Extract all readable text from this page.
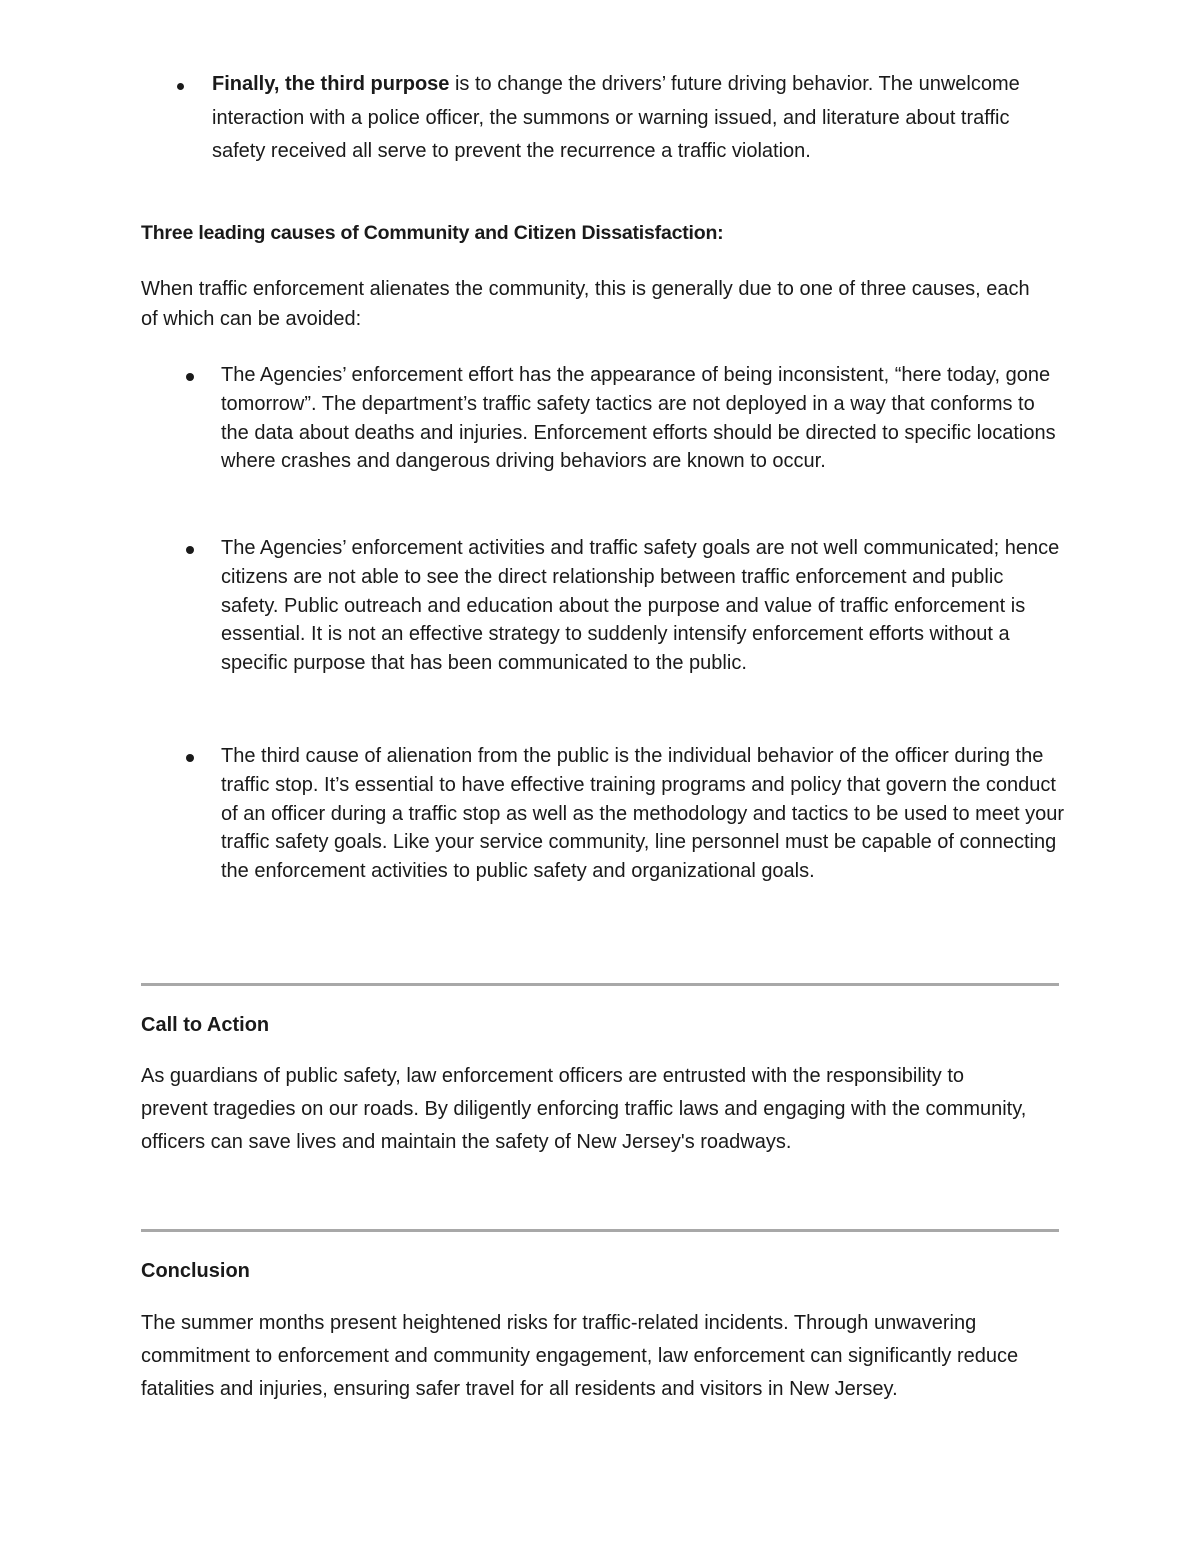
Finally, the third purpose is to change the drivers’ future driving behavior. The unwelcome interaction with a police officer, the summons or warning issued, and literature about traffic safety received all serve to prevent the recurrence a traffic violation.

Three leading causes of Community and Citizen Dissatisfaction:

When traffic enforcement alienates the community, this is generally due to one of three causes, each of which can be avoided:

The Agencies’ enforcement effort has the appearance of being inconsistent, “here today, gone tomorrow”. The department’s traffic safety tactics are not deployed in a way that conforms to the data about deaths and injuries. Enforcement efforts should be directed to specific locations where crashes and dangerous driving behaviors are known to occur.

The Agencies’ enforcement activities and traffic safety goals are not well communicated; hence citizens are not able to see the direct relationship between traffic enforcement and public safety. Public outreach and education about the purpose and value of traffic enforcement is essential. It is not an effective strategy to suddenly intensify enforcement efforts without a specific purpose that has been communicated to the public.

The third cause of alienation from the public is the individual behavior of the officer during the traffic stop. It’s essential to have effective training programs and policy that govern the conduct of an officer during a traffic stop as well as the methodology and tactics to be used to meet your traffic safety goals. Like your service community, line personnel must be capable of connecting the enforcement activities to public safety and organizational goals.

Call to Action

As guardians of public safety, law enforcement officers are entrusted with the responsibility to prevent tragedies on our roads. By diligently enforcing traffic laws and engaging with the community, officers can save lives and maintain the safety of New Jersey's roadways.

Conclusion

The summer months present heightened risks for traffic-related incidents. Through unwavering commitment to enforcement and community engagement, law enforcement can significantly reduce fatalities and injuries, ensuring safer travel for all residents and visitors in New Jersey.
